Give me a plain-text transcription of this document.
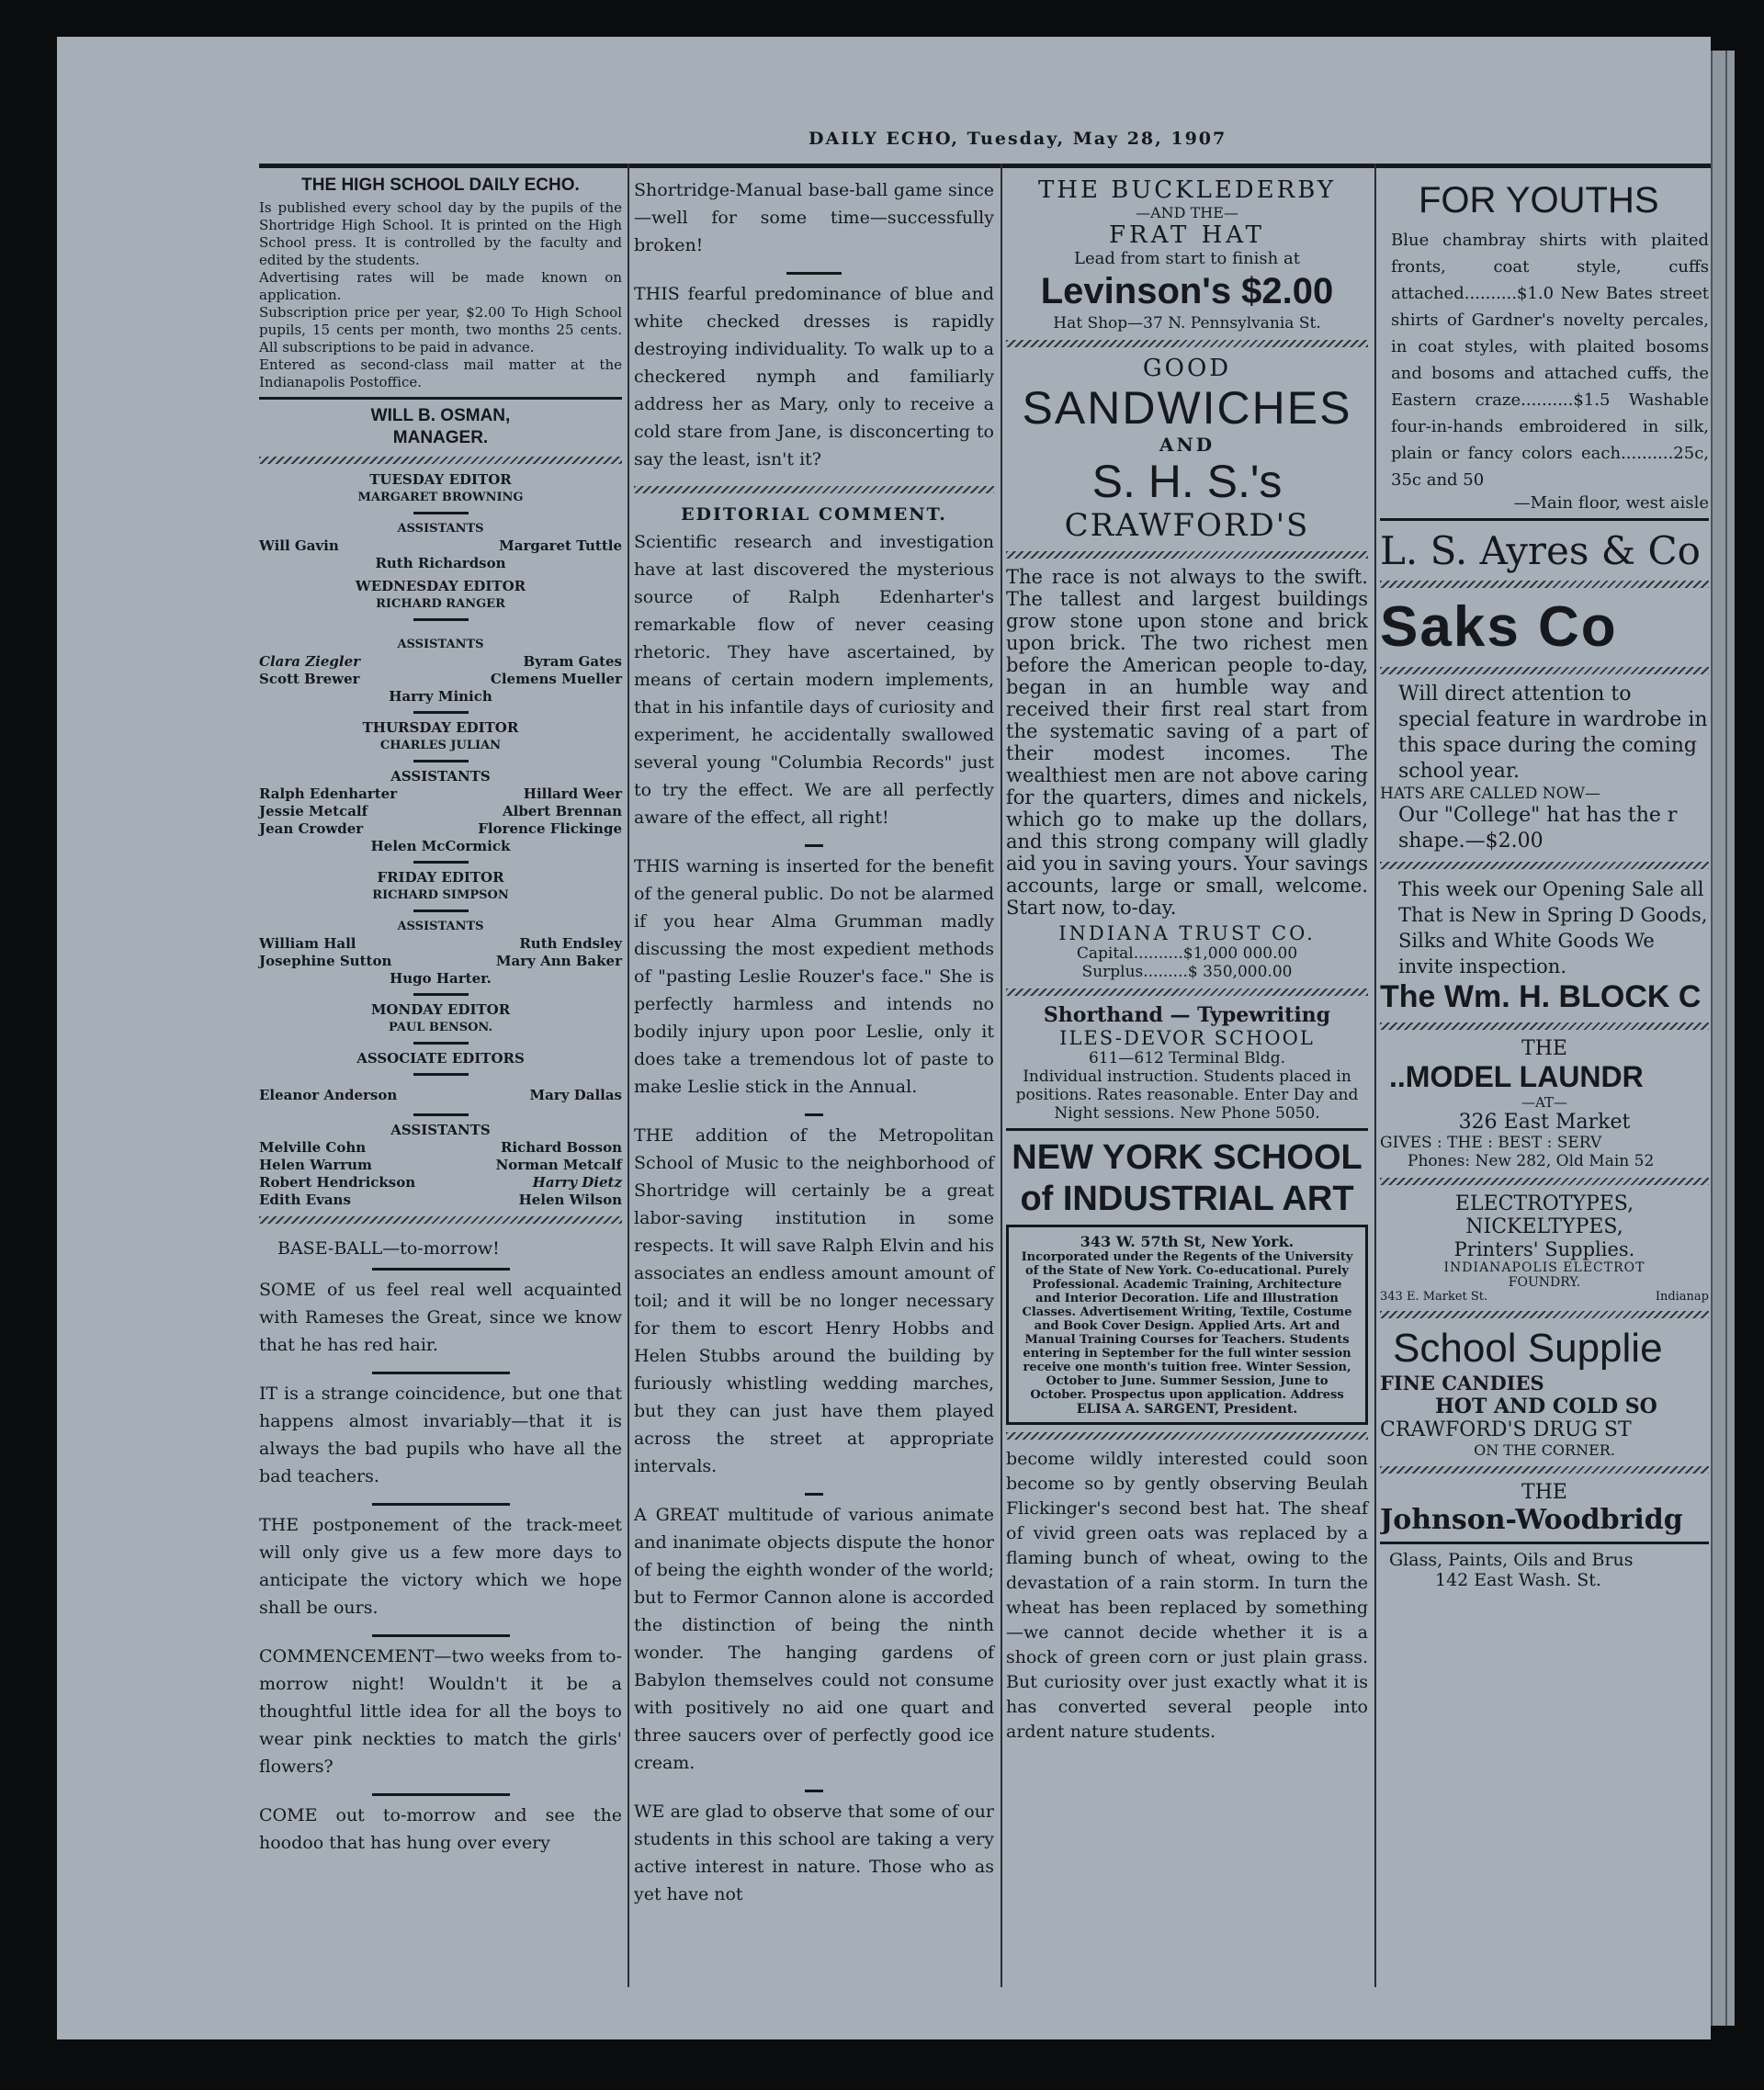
DAILY ECHO, Tuesday, May 28, 1907
THE HIGH SCHOOL DAILY ECHO.
Is published every school day by the pupils of the Shortridge High School. It is printed on the High School press. It is controlled by the faculty and edited by the students.
Advertising rates will be made known on application.
Subscription price per year, $2.00 To High School pupils, 15 cents per month, two months 25 cents. All subscriptions to be paid in advance.
Entered as second-class mail matter at the Indianapolis Postoffice.
WILL B. OSMAN,
MANAGER.
TUESDAY EDITOR
MARGARET BROWNING
ASSISTANTS
Will Gavin	Margaret Tuttle
Ruth Richardson
WEDNESDAY EDITOR
RICHARD RANGER
ASSISTANTS
Clara Ziegler	Byram Gates
Scott Brewer	Clemens Mueller
Harry Minich
THURSDAY EDITOR
CHARLES JULIAN
ASSISTANTS
Ralph Edenharter	Hillard Weer
Jessie Metcalf	Albert Brennan
Jean Crowder	Florence Flickinge
Helen McCormick
FRIDAY EDITOR
RICHARD SIMPSON
ASSISTANTS
William Hall	Ruth Endsley
Josephine Sutton	Mary Ann Baker
Hugo Harter.
MONDAY EDITOR
PAUL BENSON.
ASSOCIATE EDITORS
Eleanor Anderson	Mary Dallas
ASSISTANTS
Melville Cohn	Richard Bosson
Helen Warrum	Norman Metcalf
Robert Hendrickson	Harry Dietz
Edith Evans	Helen Wilson
BASE-BALL—to-morrow!

SOME of us feel real well acquainted with Rameses the Great, since we know that he has red hair.

IT is a strange coincidence, but one that happens almost invariably—that it is always the bad pupils who have all the bad teachers.

THE postponement of the track-meet will only give us a few more days to anticipate the victory which we hope shall be ours.

COMMENCEMENT—two weeks from to-morrow night! Wouldn't it be a thoughtful little idea for all the boys to wear pink neckties to match the girls' flowers?

COME out to-morrow and see the hoodoo that has hung over every

Shortridge-Manual base-ball game since—well for some time—successfully broken!

THIS fearful predominance of blue and white checked dresses is rapidly destroying individuality. To walk up to a checkered nymph and familiarly address her as Mary, only to receive a cold stare from Jane, is disconcerting to say the least, isn't it?

EDITORIAL COMMENT.

Scientific research and investigation have at last discovered the mysterious source of Ralph Edenharter's remarkable flow of never ceasing rhetoric. They have ascertained, by means of certain modern implements, that in his infantile days of curiosity and experiment, he accidentally swallowed several young "Columbia Records" just to try the effect. We are all perfectly aware of the effect, all right!

THIS warning is inserted for the benefit of the general public. Do not be alarmed if you hear Alma Grumman madly discussing the most expedient methods of "pasting Leslie Rouzer's face." She is perfectly harmless and intends no bodily injury upon poor Leslie, only it does take a tremendous lot of paste to make Leslie stick in the Annual.

THE addition of the Metropolitan School of Music to the neighborhood of Shortridge will certainly be a great labor-saving institution in some respects. It will save Ralph Elvin and his associates an endless amount amount of toil; and it will be no longer necessary for them to escort Henry Hobbs and Helen Stubbs around the building by furiously whistling wedding marches, but they can just have them played across the street at appropriate intervals.

A GREAT multitude of various animate and inanimate objects dispute the honor of being the eighth wonder of the world; but to Fermor Cannon alone is accorded the distinction of being the ninth wonder. The hanging gardens of Babylon themselves could not consume with positively no aid one quart and three saucers over of perfectly good ice cream.

WE are glad to observe that some of our students in this school are taking a very active interest in nature. Those who as yet have not

THE BUCKLEDERBY
—AND THE—
FRAT HAT
Lead from start to finish at
Levinson's $2.00
Hat Shop—37 N. Pennsylvania St.
GOOD
SANDWICHES
AND
S. H. S.'s
CRAWFORD'S
The race is not always to the swift. The tallest and largest buildings grow stone upon stone and brick upon brick. The two richest men before the American people to-day, began in an humble way and received their first real start from the systematic saving of a part of their modest incomes. The wealthiest men are not above caring for the quarters, dimes and nickels, which go to make up the dollars, and this strong company will gladly aid you in saving yours. Your savings accounts, large or small, welcome. Start now, to-day.
INDIANA TRUST CO.
Capital..........$1,000 000.00
Surplus.........$ 350,000.00
Shorthand — Typewriting
ILES-DEVOR SCHOOL
611—612 Terminal Bldg.
Individual instruction. Students placed in positions. Rates reasonable. Enter Day and Night sessions. New Phone 5050.
NEW YORK SCHOOL
of INDUSTRIAL ART
343 W. 57th St, New York.
Incorporated under the Regents of the University of the State of New York. Co-educational. Purely Professional. Academic Training, Architecture and Interior Decoration. Life and Illustration Classes. Advertisement Writing, Textile, Costume and Book Cover Design. Applied Arts. Art and Manual Training Courses for Teachers. Students entering in September for the full winter session receive one month's tuition free. Winter Session, October to June. Summer Session, June to October. Prospectus upon application. Address
ELISA A. SARGENT, President.

become wildly interested could soon become so by gently observing Beulah Flickinger's second best hat. The sheaf of vivid green oats was replaced by a flaming bunch of wheat, owing to the devastation of a rain storm. In turn the wheat has been replaced by something—we cannot decide whether it is a shock of green corn or just plain grass. But curiosity over just exactly what it is has converted several people into ardent nature students.

FOR YOUTHS
Blue chambray shirts with plaited fronts, coat style, cuffs attached..........$1.0 New Bates street shirts of Gardner's novelty percales, in coat styles, with plaited bosoms and bosoms and attached cuffs, the Eastern craze..........$1.5 Washable four-in-hands embroidered in silk, plain or fancy colors each..........25c, 35c and 50
—Main floor, west aisle
L. S. Ayres & Co
Saks Co
Will direct attention to special feature in wardrobe in this space during the coming school year.
HATS ARE CALLED NOW—
Our "College" hat has the r shape.—$2.00
This week our Opening Sale all That is New in Spring D Goods, Silks and White Goods We invite inspection.
The Wm. H. BLOCK C
THE
..MODEL LAUNDR
—AT—
326 East Market
GIVES : THE : BEST : SERV
Phones: New 282, Old Main 52
ELECTROTYPES,
NICKELTYPES,
Printers' Supplies.
INDIANAPOLIS ELECTROT
FOUNDRY.
343 E. Market St.	Indianap
School Supplie
FINE CANDIES
HOT AND COLD SO
CRAWFORD'S DRUG ST
ON THE CORNER.
THE
Johnson-Woodbridg
Glass, Paints, Oils and Brus
142 East Wash. St.
